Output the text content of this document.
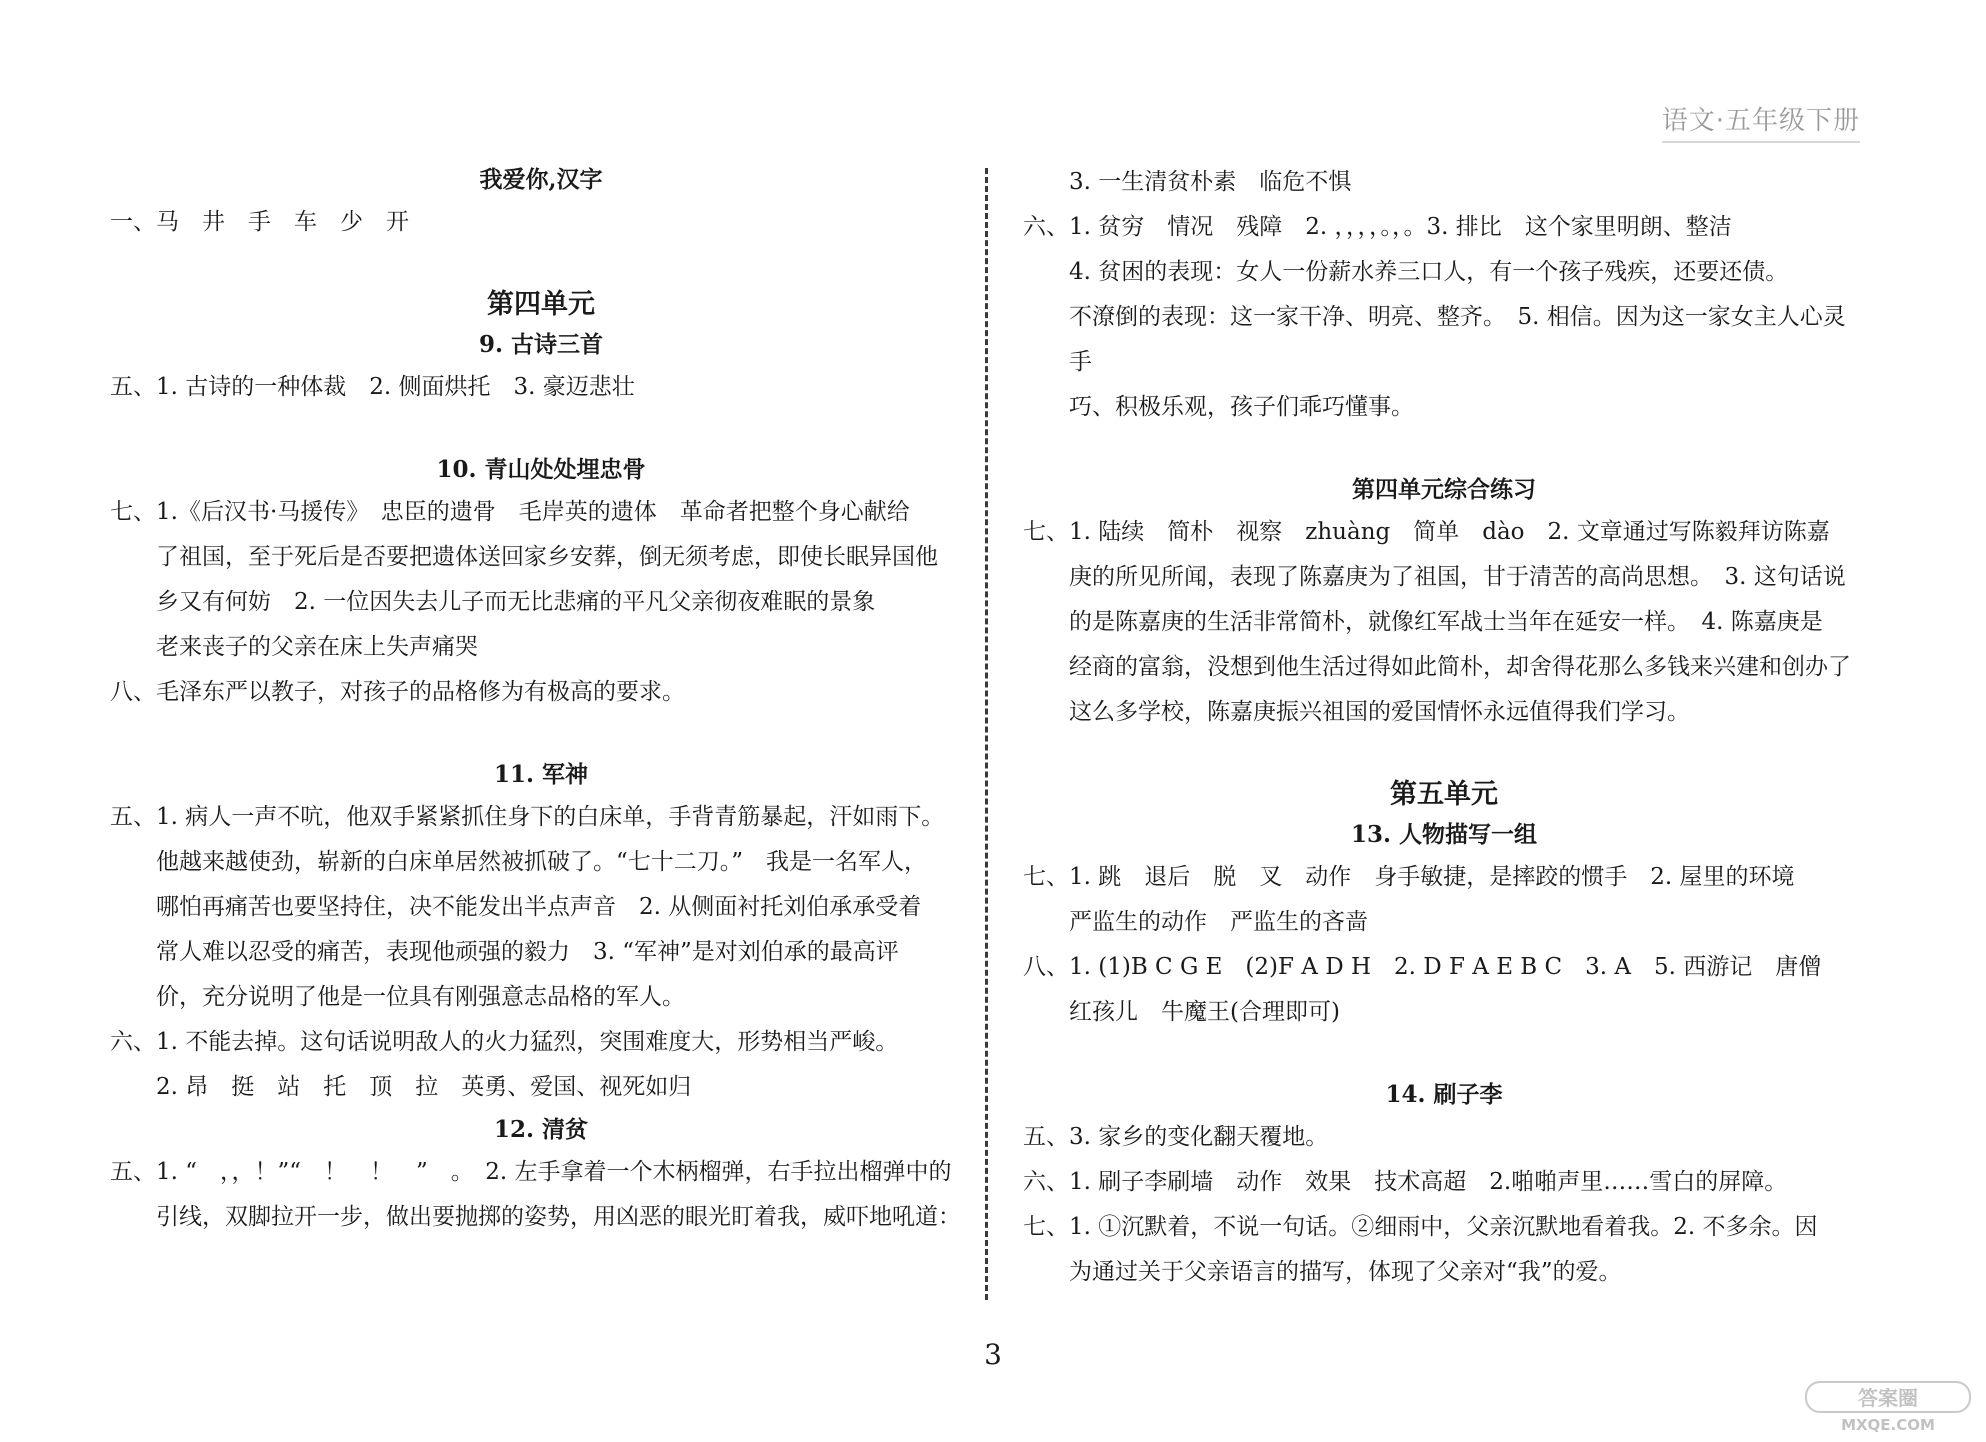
语文·五年级下册

我爱你,汉字

一、马　井　手　车　少　开

第四单元

9. 古诗三首

五、1. 古诗的一种体裁　2. 侧面烘托　3. 豪迈悲壮

10. 青山处处埋忠骨

七、1.《后汉书·马援传》　忠臣的遗骨　毛岸英的遗体　革命者把整个身心献给

了祖国，至于死后是否要把遗体送回家乡安葬，倒无须考虑，即使长眠异国他

乡又有何妨　2. 一位因失去儿子而无比悲痛的平凡父亲彻夜难眠的景象

老来丧子的父亲在床上失声痛哭

八、毛泽东严以教子，对孩子的品格修为有极高的要求。

11. 军神

五、1. 病人一声不吭，他双手紧紧抓住身下的白床单，手背青筋暴起，汗如雨下。

他越来越使劲，崭新的白床单居然被抓破了。“七十二刀。”　我是一名军人，

哪怕再痛苦也要坚持住，决不能发出半点声音　2. 从侧面衬托刘伯承承受着

常人难以忍受的痛苦，表现他顽强的毅力　3. “军神”是对刘伯承的最高评

价，充分说明了他是一位具有刚强意志品格的军人。

六、1. 不能去掉。这句话说明敌人的火力猛烈，突围难度大，形势相当严峻。

2. 昂　挺　站　托　顶　拉　英勇、爱国、视死如归

12. 清贫

五、1. “　，，！”“　！　！　”　。　2. 左手拿着一个木柄榴弹，右手拉出榴弹中的

引线，双脚拉开一步，做出要抛掷的姿势，用凶恶的眼光盯着我，威吓地吼道：

3. 一生清贫朴素　临危不惧

六、1. 贫穷　情况　残障　2. ，，，，。，。3. 排比　这个家里明朗、整洁

4. 贫困的表现：女人一份薪水养三口人，有一个孩子残疾，还要还债。

不潦倒的表现：这一家干净、明亮、整齐。　5. 相信。因为这一家女主人心灵手

巧、积极乐观，孩子们乖巧懂事。

第四单元综合练习

七、1. 陆续　简朴　视察　zhuàng　简单　dào　2. 文章通过写陈毅拜访陈嘉

庚的所见所闻，表现了陈嘉庚为了祖国，甘于清苦的高尚思想。　3. 这句话说

的是陈嘉庚的生活非常简朴，就像红军战士当年在延安一样。　4. 陈嘉庚是

经商的富翁，没想到他生活过得如此简朴，却舍得花那么多钱来兴建和创办了

这么多学校，陈嘉庚振兴祖国的爱国情怀永远值得我们学习。

第五单元

13. 人物描写一组

七、1. 跳　退后　脱　叉　动作　身手敏捷，是摔跤的惯手　2. 屋里的环境

严监生的动作　严监生的吝啬

八、1. (1)B C G E　(2)F A D H　2. D F A E B C　3. A　5. 西游记　唐僧

红孩儿　牛魔王(合理即可)

14. 刷子李

五、3. 家乡的变化翻天覆地。

六、1. 刷子李刷墙　动作　效果　技术高超　2.啪啪声里……雪白的屏障。

七、1. ①沉默着，不说一句话。②细雨中，父亲沉默地看着我。2. 不多余。因

为通过关于父亲语言的描写，体现了父亲对“我”的爱。

3
答案圈
MXQE.COM
